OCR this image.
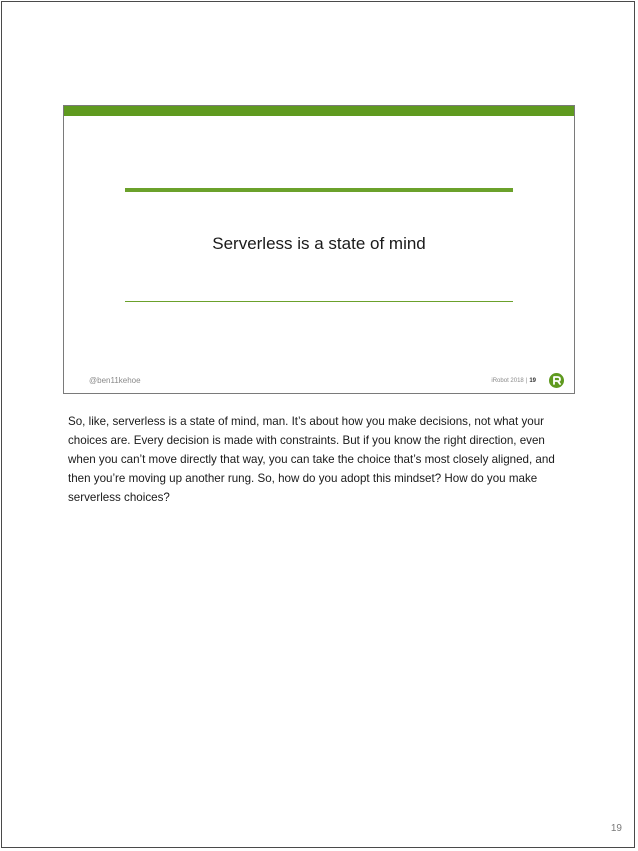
Serverless is a state of mind
@ben11kehoe	iRobot 2018 | 19
So, like, serverless is a state of mind, man. It’s about how you make decisions, not what your choices are. Every decision is made with constraints. But if you know the right direction, even when you can’t move directly that way, you can take the choice that’s most closely aligned, and then you’re moving up another rung. So, how do you adopt this mindset? How do you make serverless choices?
19
